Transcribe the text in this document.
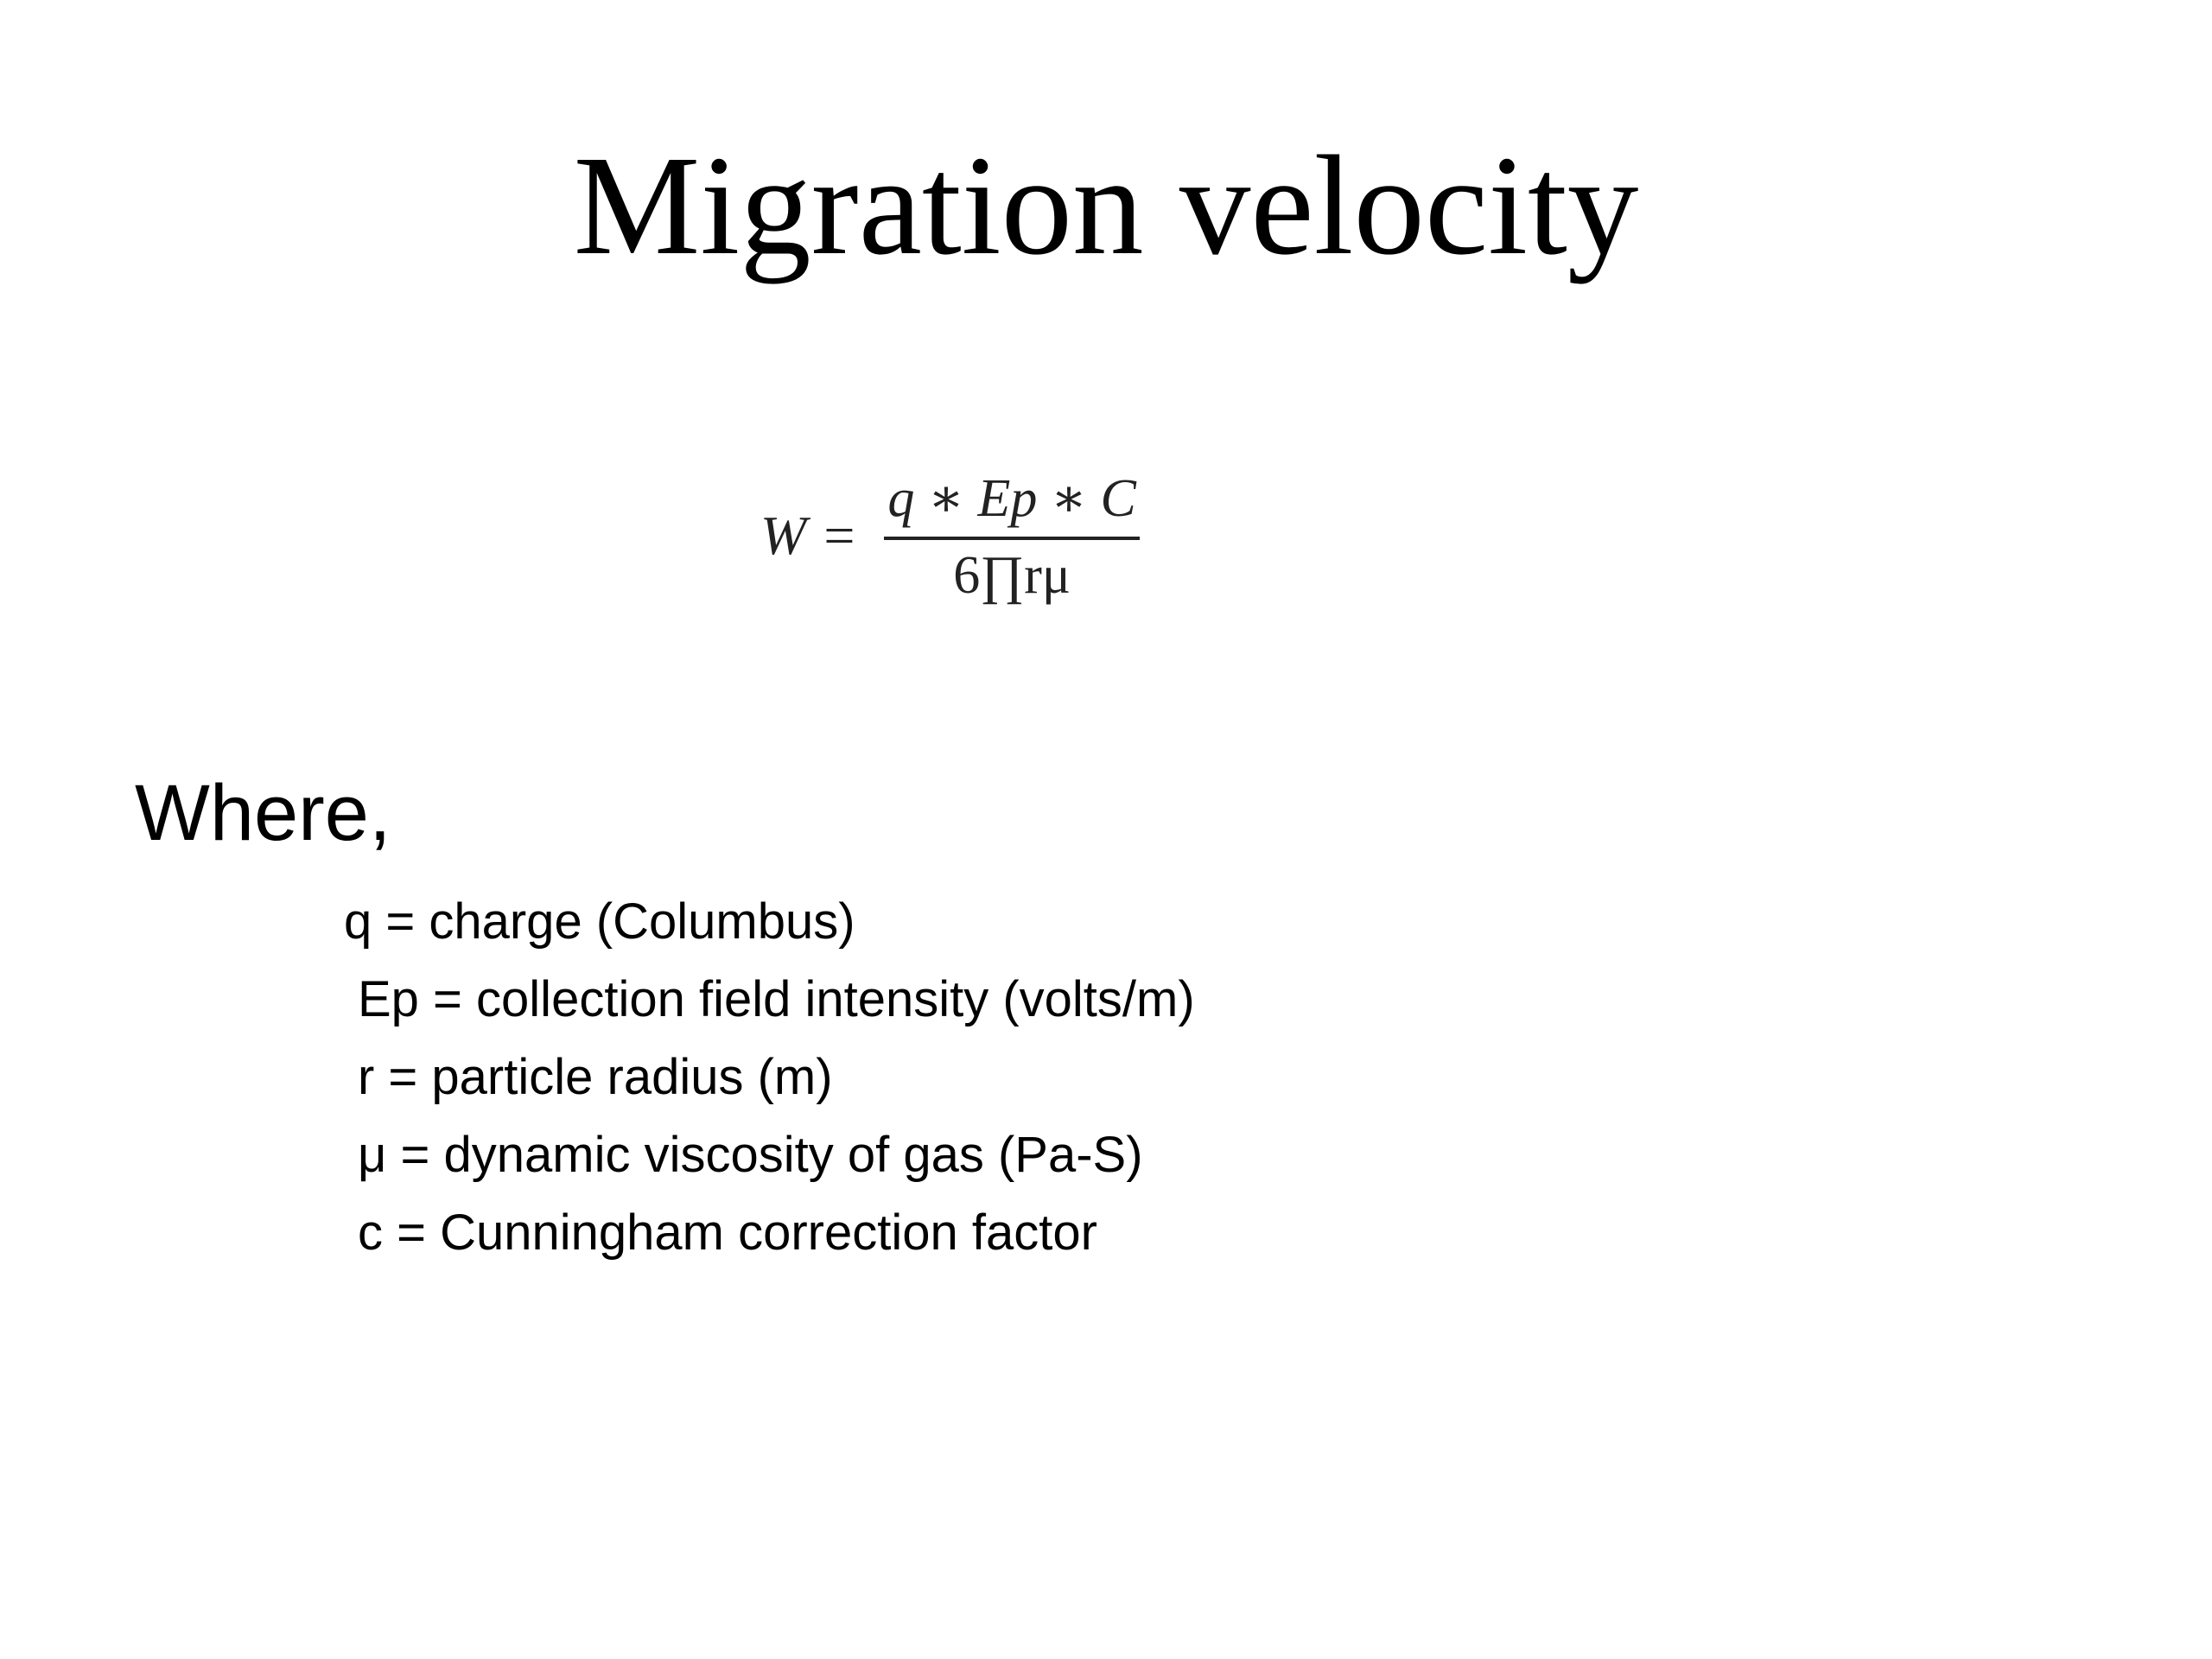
Migration velocity
$W = \frac{q ∗ Ep ∗ C}{6\prod r\mu}$
Where,
q = charge (Columbus)
Ep = collection field intensity (volts/m)
r = particle radius (m)
μ = dynamic viscosity of gas (Pa-S)
c = Cunningham correction factor
